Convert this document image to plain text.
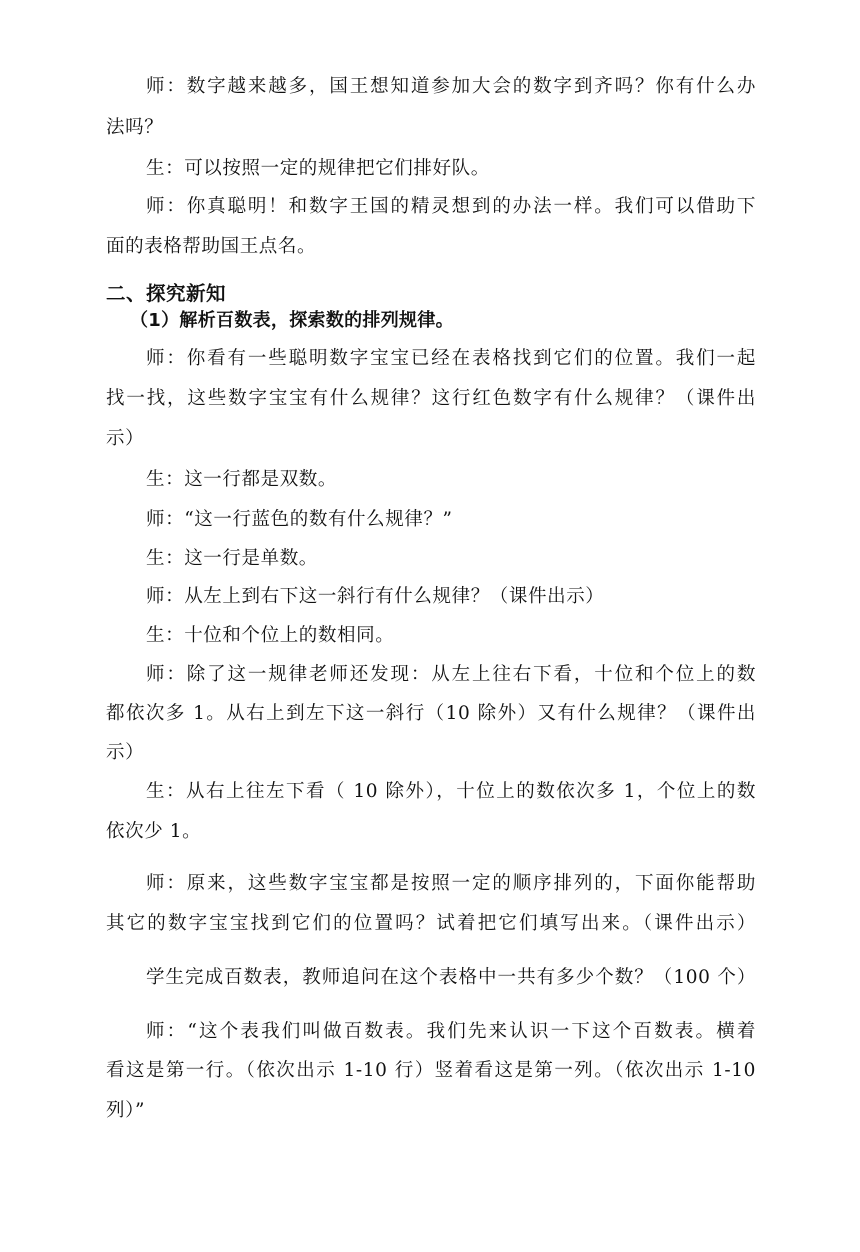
师：数字越来越多，国王想知道参加大会的数字到齐吗？你有什么办
法吗？
生：可以按照一定的规律把它们排好队。
师：你真聪明！和数字王国的精灵想到的办法一样。我们可以借助下
面的表格帮助国王点名。
二、探究新知
（1）解析百数表，探索数的排列规律。
师：你看有一些聪明数字宝宝已经在表格找到它们的位置。我们一起
找一找，这些数字宝宝有什么规律？这行红色数字有什么规律？（课件出
示）
生：这一行都是双数。
师：“这一行蓝色的数有什么规律？”
生：这一行是单数。
师：从左上到右下这一斜行有什么规律？（课件出示）
生：十位和个位上的数相同。
师：除了这一规律老师还发现：从左上往右下看，十位和个位上的数
都依次多 1。从右上到左下这一斜行（10 除外）又有什么规律？（课件出
示）
生：从右上往左下看（ 10 除外），十位上的数依次多 1，个位上的数
依次少 1。
师：原来，这些数字宝宝都是按照一定的顺序排列的，下面你能帮助
其它的数字宝宝找到它们的位置吗？试着把它们填写出来。（课件出示）
学生完成百数表，教师追问在这个表格中一共有多少个数？（100 个）
师：“这个表我们叫做百数表。我们先来认识一下这个百数表。横着
看这是第一行。（依次出示 1-10 行）竖着看这是第一列。（依次出示 1-10
列）”
